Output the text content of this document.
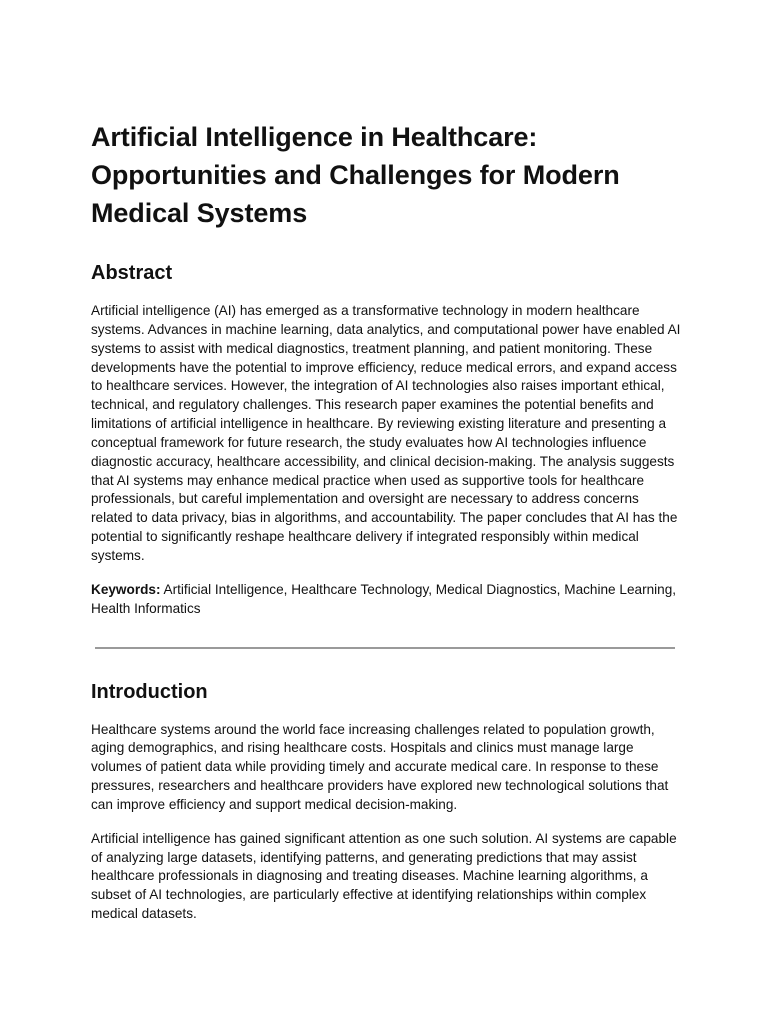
Artificial Intelligence in Healthcare: Opportunities and Challenges for Modern Medical Systems
Abstract

Artificial intelligence (AI) has emerged as a transformative technology in modern healthcare systems. Advances in machine learning, data analytics, and computational power have enabled AI systems to assist with medical diagnostics, treatment planning, and patient monitoring. These developments have the potential to improve efficiency, reduce medical errors, and expand access to healthcare services. However, the integration of AI technologies also raises important ethical, technical, and regulatory challenges. This research paper examines the potential benefits and limitations of artificial intelligence in healthcare. By reviewing existing literature and presenting a conceptual framework for future research, the study evaluates how AI technologies influence diagnostic accuracy, healthcare accessibility, and clinical decision-making. The analysis suggests that AI systems may enhance medical practice when used as supportive tools for healthcare professionals, but careful implementation and oversight are necessary to address concerns related to data privacy, bias in algorithms, and accountability. The paper concludes that AI has the potential to significantly reshape healthcare delivery if integrated responsibly within medical systems.

Keywords: Artificial Intelligence, Healthcare Technology, Medical Diagnostics, Machine Learning, Health Informatics

Introduction

Healthcare systems around the world face increasing challenges related to population growth, aging demographics, and rising healthcare costs. Hospitals and clinics must manage large volumes of patient data while providing timely and accurate medical care. In response to these pressures, researchers and healthcare providers have explored new technological solutions that can improve efficiency and support medical decision-making.

Artificial intelligence has gained significant attention as one such solution. AI systems are capable of analyzing large datasets, identifying patterns, and generating predictions that may assist healthcare professionals in diagnosing and treating diseases. Machine learning algorithms, a subset of AI technologies, are particularly effective at identifying relationships within complex medical datasets.
